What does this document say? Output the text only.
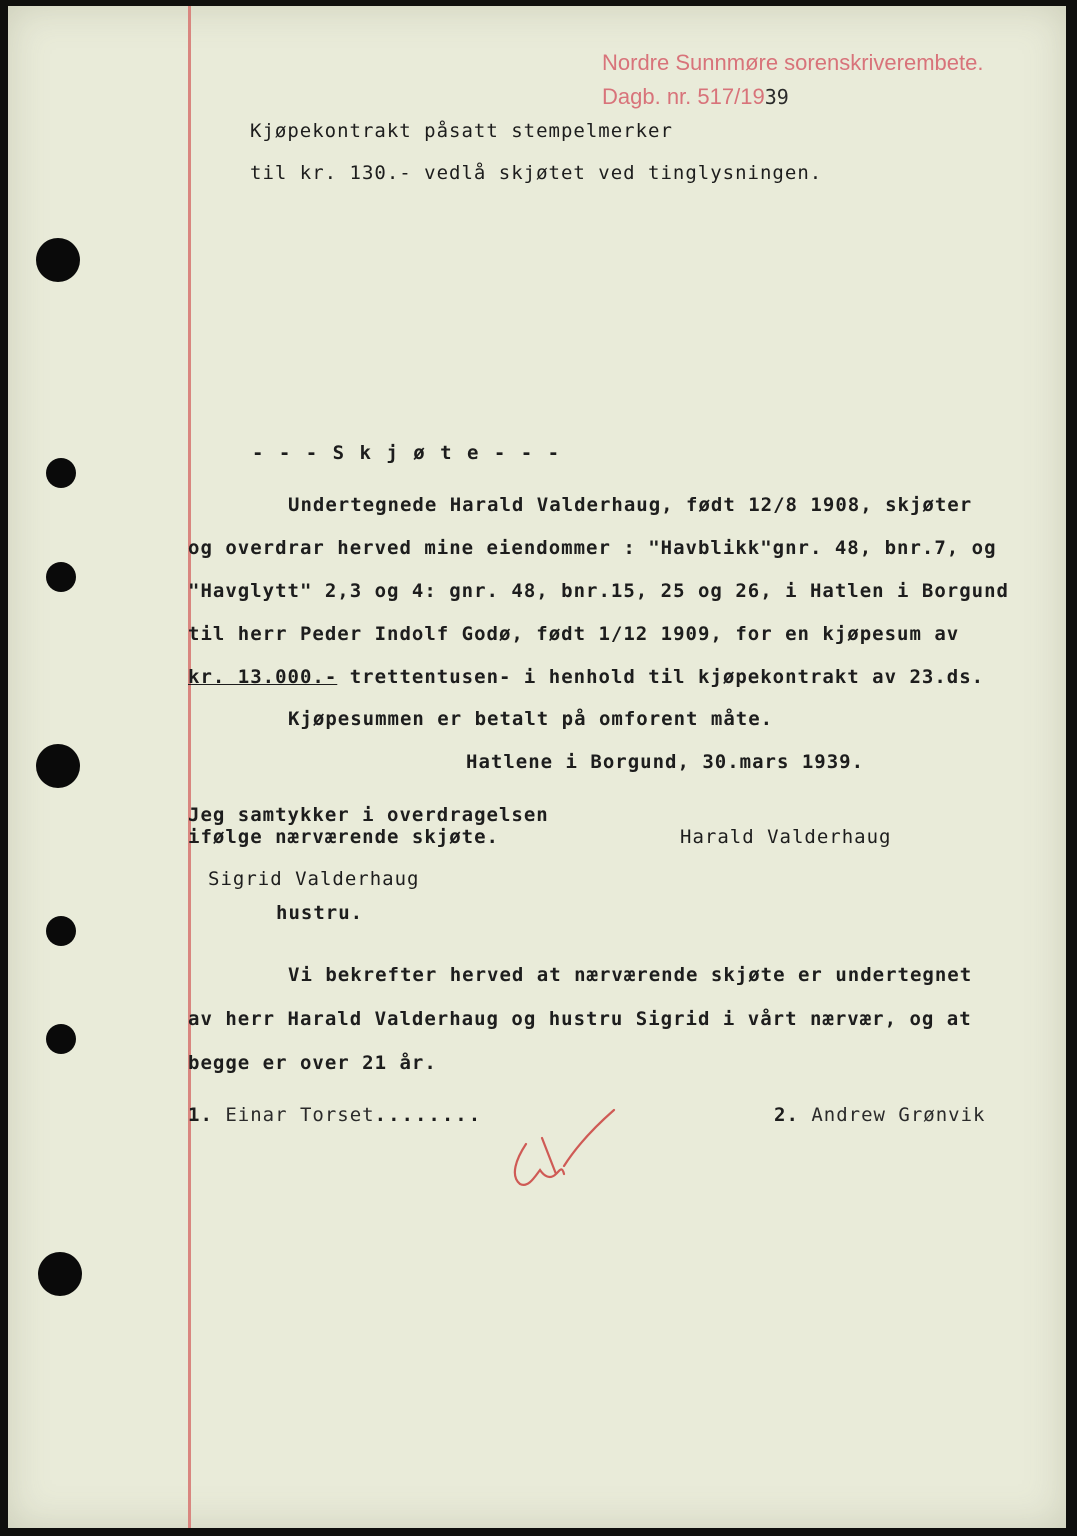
Nordre Sunnmøre sorenskriverembete.
Dagb. nr. 517/1939
Kjøpekontrakt påsatt stempelmerker
til kr. 130.- vedlå skjøtet ved tinglysningen.
- - - S k j ø t e - - -
Undertegnede Harald Valderhaug, født 12/8 1908, skjøter
og overdrar herved mine eiendommer : "Havblikk"gnr. 48, bnr.7, og
"Havglytt" 2,3 og 4: gnr. 48, bnr.15, 25 og 26, i Hatlen i Borgund
til herr Peder Indolf Godø, født 1/12 1909, for en kjøpesum av
kr. 13.000.- trettentusen- i henhold til kjøpekontrakt av 23.ds.
Kjøpesummen er betalt på omforent måte.
Hatlene i Borgund, 30.mars 1939.
Jeg samtykker i overdragelsen
ifølge nærværende skjøte.	Harald Valderhaug
Sigrid Valderhaug
hustru.
Vi bekrefter herved at nærværende skjøte er undertegnet
av herr Harald Valderhaug og hustru Sigrid i vårt nærvær, og at
begge er over 21 år.
1. Einar Torset........	2. Andrew Grønvik
